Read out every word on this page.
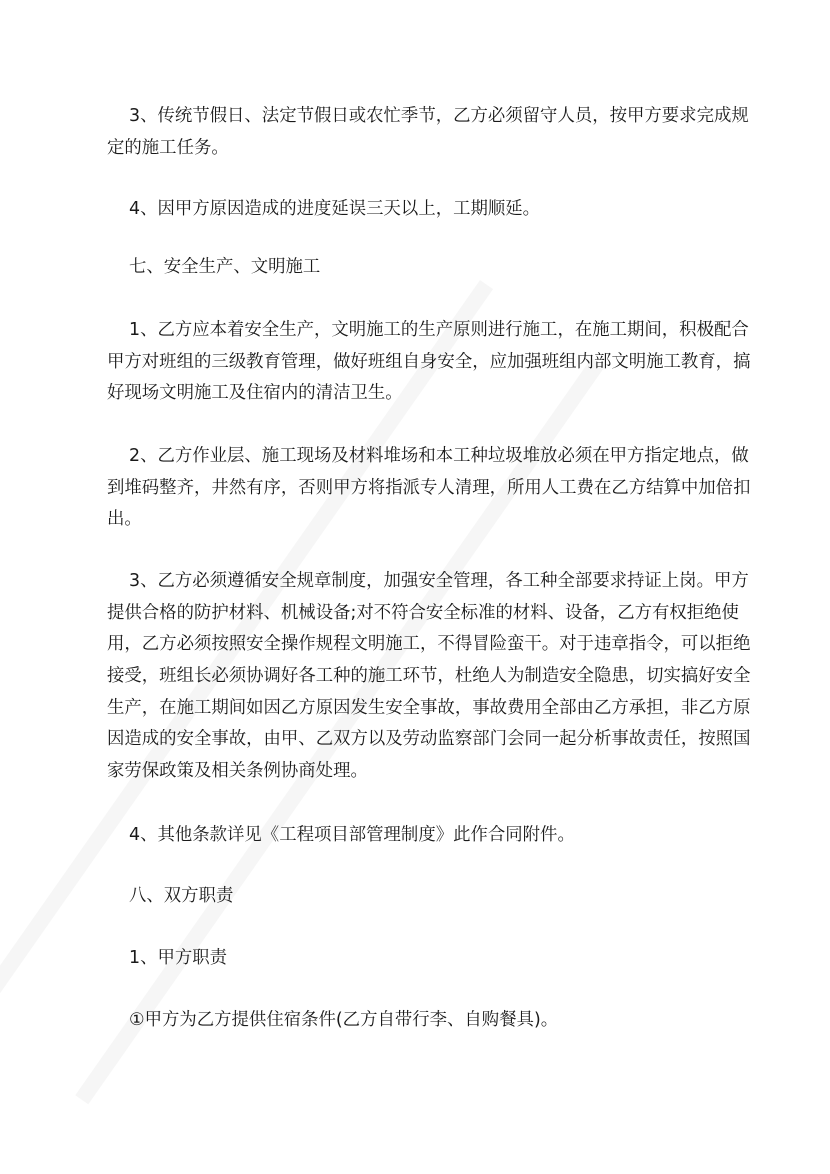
3、传统节假日、法定节假日或农忙季节，乙方必须留守人员，按甲方要求完成规
定的施工任务。
4、因甲方原因造成的进度延误三天以上，工期顺延。
七、安全生产、文明施工
1、乙方应本着安全生产，文明施工的生产原则进行施工，在施工期间，积极配合
甲方对班组的三级教育管理，做好班组自身安全，应加强班组内部文明施工教育，搞
好现场文明施工及住宿内的清洁卫生。
2、乙方作业层、施工现场及材料堆场和本工种垃圾堆放必须在甲方指定地点，做
到堆码整齐，井然有序，否则甲方将指派专人清理，所用人工费在乙方结算中加倍扣
出。
3、乙方必须遵循安全规章制度，加强安全管理，各工种全部要求持证上岗。甲方
提供合格的防护材料、机械设备;对不符合安全标准的材料、设备，乙方有权拒绝使
用，乙方必须按照安全操作规程文明施工，不得冒险蛮干。对于违章指令，可以拒绝
接受，班组长必须协调好各工种的施工环节，杜绝人为制造安全隐患，切实搞好安全
生产，在施工期间如因乙方原因发生安全事故，事故费用全部由乙方承担，非乙方原
因造成的安全事故，由甲、乙双方以及劳动监察部门会同一起分析事故责任，按照国
家劳保政策及相关条例协商处理。
4、其他条款详见《工程项目部管理制度》此作合同附件。
八、双方职责
1、甲方职责
①甲方为乙方提供住宿条件(乙方自带行李、自购餐具)。
